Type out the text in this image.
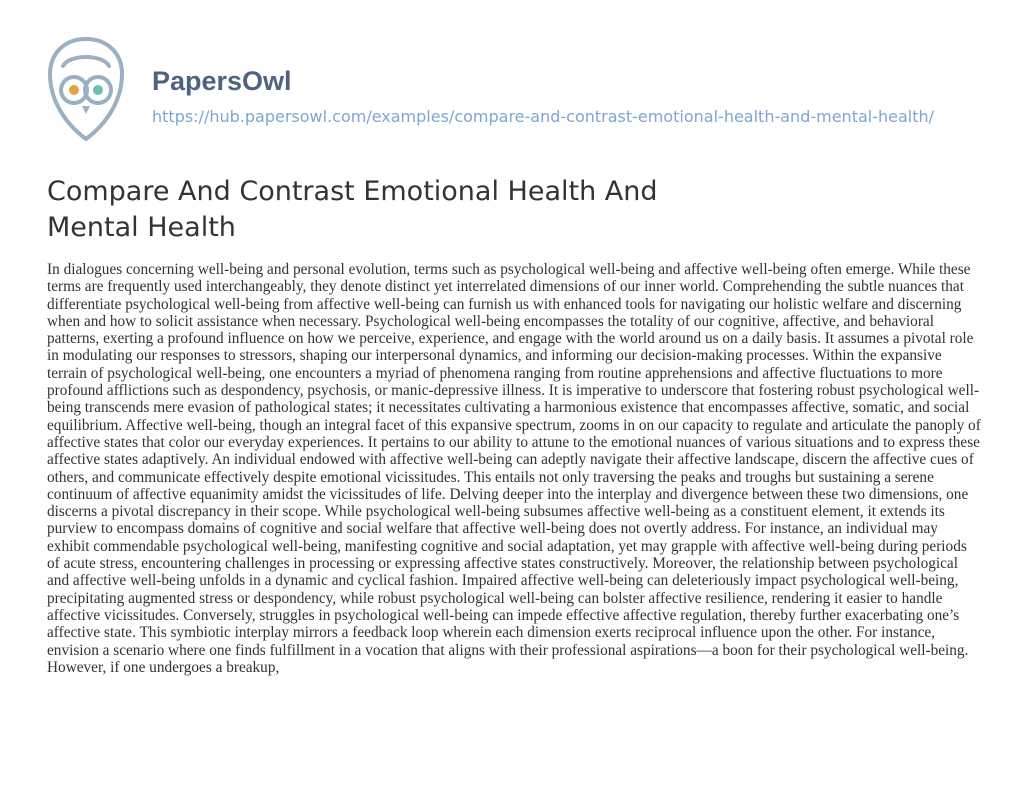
PapersOwl
https://hub.papersowl.com/examples/compare-and-contrast-emotional-health-and-mental-health/
Compare And Contrast Emotional Health And Mental Health

In dialogues concerning well-being and personal evolution, terms such as psychological well-being and affective well-being often emerge. While these terms are frequently used interchangeably, they denote distinct yet interrelated dimensions of our inner world. Comprehending the subtle nuances that differentiate psychological well-being from affective well-being can furnish us with enhanced tools for navigating our holistic welfare and discerning when and how to solicit assistance when necessary. Psychological well-being encompasses the totality of our cognitive, affective, and behavioral patterns, exerting a profound influence on how we perceive, experience, and engage with the world around us on a daily basis. It assumes a pivotal role in modulating our responses to stressors, shaping our interpersonal dynamics, and informing our decision-making processes. Within the expansive terrain of psychological well-being, one encounters a myriad of phenomena ranging from routine apprehensions and affective fluctuations to more profound afflictions such as despondency, psychosis, or manic-depressive illness. It is imperative to underscore that fostering robust psychological well-being transcends mere evasion of pathological states; it necessitates cultivating a harmonious existence that encompasses affective, somatic, and social equilibrium. Affective well-being, though an integral facet of this expansive spectrum, zooms in on our capacity to regulate and articulate the panoply of affective states that color our everyday experiences. It pertains to our ability to attune to the emotional nuances of various situations and to express these affective states adaptively. An individual endowed with affective well-being can adeptly navigate their affective landscape, discern the affective cues of others, and communicate effectively despite emotional vicissitudes. This entails not only traversing the peaks and troughs but sustaining a serene continuum of affective equanimity amidst the vicissitudes of life. Delving deeper into the interplay and divergence between these two dimensions, one discerns a pivotal discrepancy in their scope. While psychological well-being subsumes affective well-being as a constituent element, it extends its purview to encompass domains of cognitive and social welfare that affective well-being does not overtly address. For instance, an individual may exhibit commendable psychological well-being, manifesting cognitive and social adaptation, yet may grapple with affective well-being during periods of acute stress, encountering challenges in processing or expressing affective states constructively. Moreover, the relationship between psychological and affective well-being unfolds in a dynamic and cyclical fashion. Impaired affective well-being can deleteriously impact psychological well-being, precipitating augmented stress or despondency, while robust psychological well-being can bolster affective resilience, rendering it easier to handle affective vicissitudes. Conversely, struggles in psychological well-being can impede effective affective regulation, thereby further exacerbating one’s affective state. This symbiotic interplay mirrors a feedback loop wherein each dimension exerts reciprocal influence upon the other. For instance, envision a scenario where one finds fulfillment in a vocation that aligns with their professional aspirations—a boon for their psychological well-being. However, if one undergoes a breakup,
